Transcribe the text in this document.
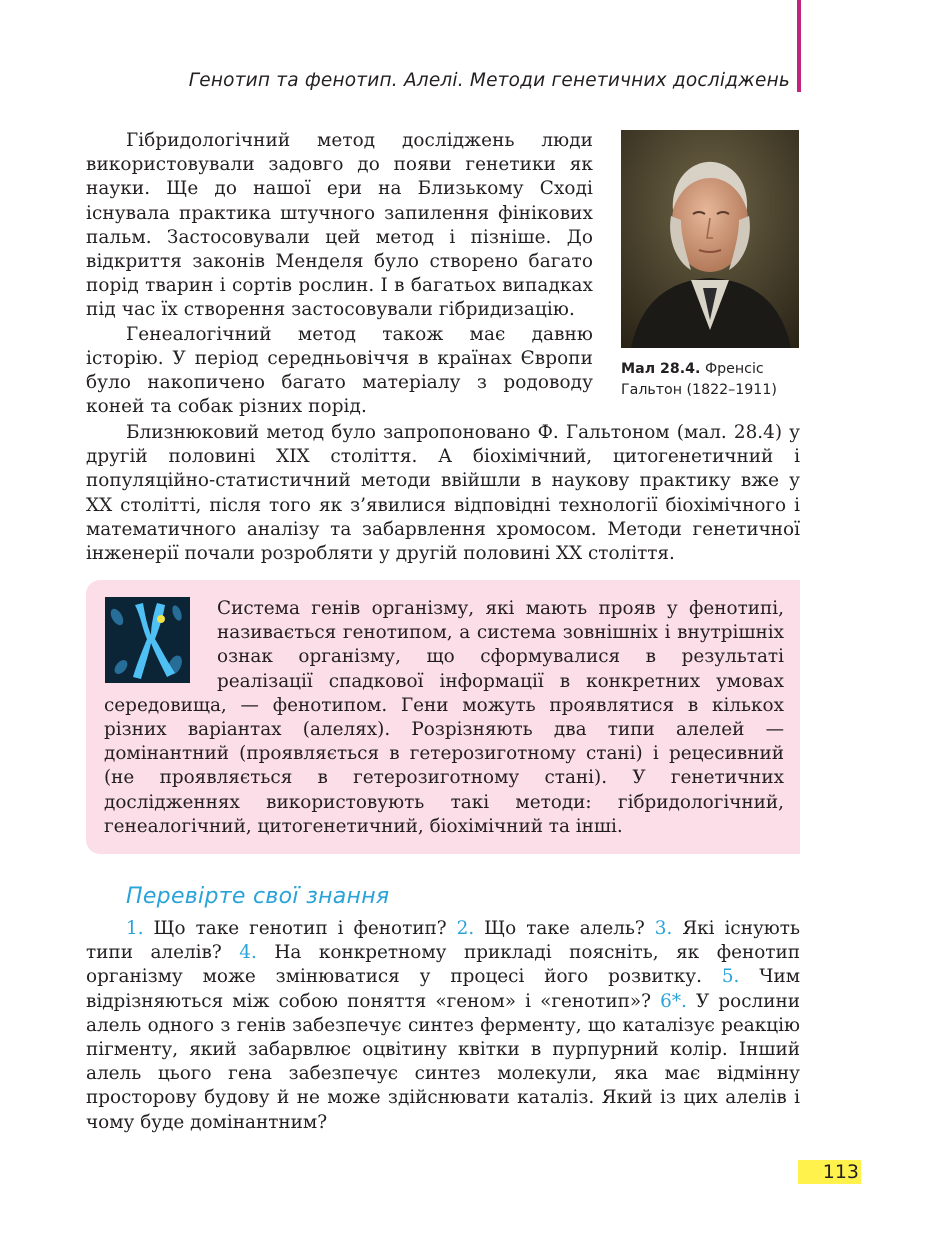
Генотип та фенотип. Алелі. Методи генетичних досліджень

Гібридологічний метод досліджень люди використовували задовго до появи генетики як науки. Ще до нашої ери на Близькому Сході існувала практика штучного запилення фінікових пальм. Застосовували цей метод і пізніше. До відкриття законів Менделя було створено багато порід тварин і сортів рослин. І в багатьох випадках під час їх створення застосовували гібридизацію.

Генеалогічний метод також має давню історію. У період середньовіччя в країнах Європи було накопичено багато матеріалу з родоводу коней та собак різних порід.

Мал 28.4. Френсіс Гальтон (1822–1911)

Близнюковий метод було запропоновано Ф. Гальтоном (мал. 28.4) у другій половині XIX століття. А біохімічний, цитогенетичний і популяційно-статистичний методи ввійшли в наукову практику вже у XX столітті, після того як з’явилися відповідні технології біохімічного і математичного аналізу та забарвлення хромосом. Методи генетичної інженерії почали розробляти у другій половині XX століття.

Система генів організму, які мають прояв у фенотипі, називається генотипом, а система зовнішніх і внутрішніх ознак організму, що сформувалися в результаті реалізації спадкової інформації в конкретних умовах середовища, — фенотипом. Гени можуть проявлятися в кількох різних варіантах (алелях). Розрізняють два типи алелей — домінантний (проявляється в гетерозиготному стані) і рецесивний (не проявляється в гетерозиготному стані). У генетичних дослідженнях використовують такі методи: гібридологічний, генеалогічний, цитогенетичний, біохімічний та інші.
Перевірте свої знання

1. Що таке генотип і фенотип? 2. Що таке алель? 3. Які існують типи алелів? 4. На конкретному прикладі поясніть, як фенотип організму може змінюватися у процесі його розвитку. 5. Чим відрізняються між собою поняття «геном» і «генотип»? 6*. У рослини алель одного з генів забезпечує синтез ферменту, що каталізує реакцію пігменту, який забарвлює оцвітину квітки в пурпурний колір. Інший алель цього гена забезпечує синтез молекули, яка має відмінну просторову будову й не може здійснювати каталіз. Який із цих алелів і чому буде домінантним?

113
